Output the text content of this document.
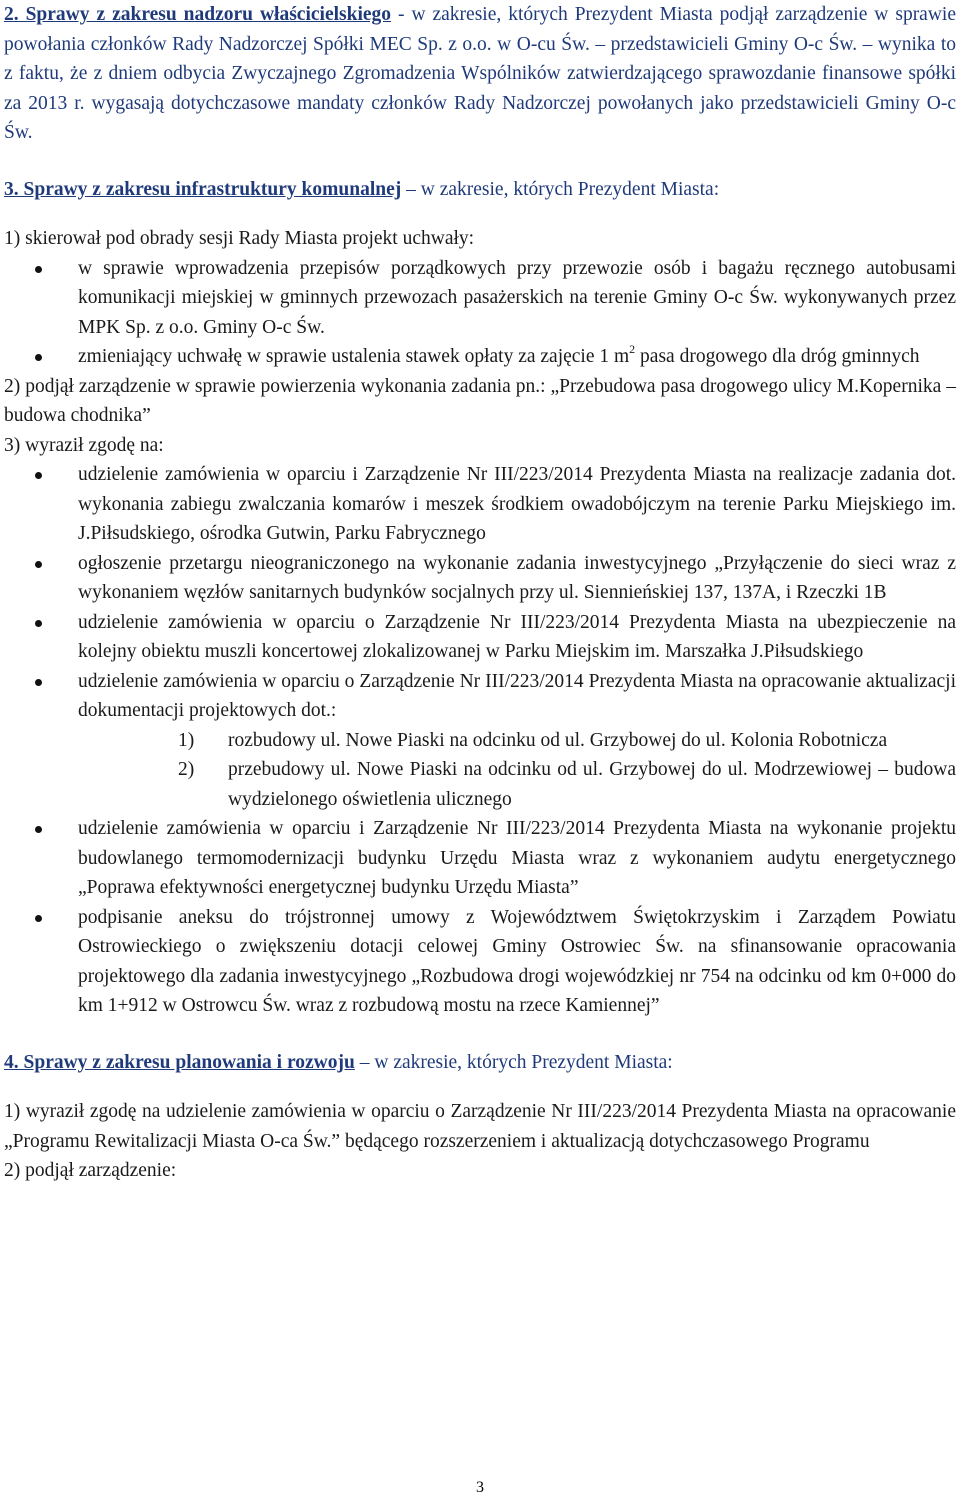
2. Sprawy z zakresu nadzoru właścicielskiego - w zakresie, których Prezydent Miasta podjął zarządzenie w sprawie powołania członków Rady Nadzorczej Spółki MEC Sp. z o.o. w O-cu Św. – przedstawicieli Gminy O-c Św. – wynika to z faktu, że z dniem odbycia Zwyczajnego Zgromadzenia Wspólników zatwierdzającego sprawozdanie finansowe spółki za 2013 r. wygasają dotychczasowe mandaty członków Rady Nadzorczej powołanych jako przedstawicieli Gminy O-c Św.

3. Sprawy z zakresu infrastruktury komunalnej – w zakresie, których Prezydent Miasta:

1) skierował pod obrady sesji Rady Miasta projekt uchwały:

w sprawie wprowadzenia przepisów porządkowych przy przewozie osób i bagażu ręcznego autobusami komunikacji miejskiej w gminnych przewozach pasażerskich na terenie Gminy O-c Św. wykonywanych przez MPK Sp. z o.o. Gminy O-c Św.
zmieniający uchwałę w sprawie ustalenia stawek opłaty za zajęcie 1 $m^2$ pasa drogowego dla dróg gminnych

2) podjął zarządzenie w sprawie powierzenia wykonania zadania pn.: „Przebudowa pasa drogowego ulicy M.Kopernika – budowa chodnika”

3) wyraził zgodę na:

udzielenie zamówienia w oparciu i Zarządzenie Nr III/223/2014 Prezydenta Miasta na realizacje zadania dot. wykonania zabiegu zwalczania komarów i meszek środkiem owadobójczym na terenie Parku Miejskiego im. J.Piłsudskiego, ośrodka Gutwin, Parku Fabrycznego
ogłoszenie przetargu nieograniczonego na wykonanie zadania inwestycyjnego „Przyłączenie do sieci wraz z wykonaniem węzłów sanitarnych budynków socjalnych przy ul. Siennieńskiej 137, 137A, i Rzeczki 1B
udzielenie zamówienia w oparciu o Zarządzenie Nr III/223/2014 Prezydenta Miasta na ubezpieczenie na kolejny obiektu muszli koncertowej zlokalizowanej w Parku Miejskim im. Marszałka J.Piłsudskiego
udzielenie zamówienia w oparciu o Zarządzenie Nr III/223/2014 Prezydenta Miasta na opracowanie aktualizacji dokumentacji projektowych dot.:
1) rozbudowy ul. Nowe Piaski na odcinku od ul. Grzybowej do ul. Kolonia Robotnicza
2) przebudowy ul. Nowe Piaski na odcinku od ul. Grzybowej do ul. Modrzewiowej – budowa wydzielonego oświetlenia ulicznego
udzielenie zamówienia w oparciu i Zarządzenie Nr III/223/2014 Prezydenta Miasta na wykonanie projektu budowlanego termomodernizacji budynku Urzędu Miasta wraz z wykonaniem audytu energetycznego „Poprawa efektywności energetycznej budynku Urzędu Miasta”
podpisanie aneksu do trójstronnej umowy z Województwem Świętokrzyskim i Zarządem Powiatu Ostrowieckiego o zwiększeniu dotacji celowej Gminy Ostrowiec Św. na sfinansowanie opracowania projektowego dla zadania inwestycyjnego „Rozbudowa drogi wojewódzkiej nr 754 na odcinku od km 0+000 do km 1+912 w Ostrowcu Św. wraz z rozbudową mostu na rzece Kamiennej”

4. Sprawy z zakresu planowania i rozwoju – w zakresie, których Prezydent Miasta:

1) wyraził zgodę na udzielenie zamówienia w oparciu o Zarządzenie Nr III/223/2014 Prezydenta Miasta na opracowanie „Programu Rewitalizacji Miasta O-ca Św.” będącego rozszerzeniem i aktualizacją dotychczasowego Programu

2) podjął zarządzenie:

3
